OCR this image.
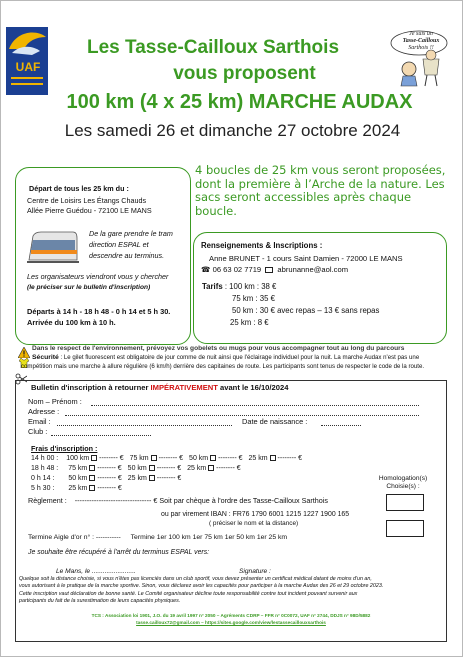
UAF
Je suis un
Tasse-Cailloux
Sarthois !!
Les Tasse-Cailloux Sarthois
vous proposent
100 km (4 x 25 km) MARCHE AUDAX
Les samedi 26 et dimanche 27 octobre 2024
Départ de tous les 25 km du :
Centre de Loisirs Les Étangs Chauds
Allée Pierre Guédou - 72100 LE MANS
De la gare prendre le tram
direction ESPAL et
descendre au terminus.
Les organisateurs viendront vous y chercher
(le préciser sur le bulletin d'inscription)
Départs à 14 h - 18 h 48 - 0 h 14 et 5 h 30.
Arrivée du 100 km à 10 h.
4 boucles de 25 km vous seront proposées, dont la première à l’Arche de la nature. Les sacs seront accessibles après chaque boucle.
Renseignements & Inscriptions :
Anne BRUNET - 1 cours Saint Damien - 72000 LE MANS
☎ 06 63 02 7719 abrunanne@aol.com
Tarifs : 100 km : 38 €
75 km : 35 €
50 km : 30 € avec repas – 13 € sans repas
25 km : 8 €
Dans le respect de l'environnement, prévoyez vos gobelets ou mugs pour vous accompagner tout au long du parcours
Sécurité : Le gilet fluorescent est obligatoire de jour comme de nuit ainsi que l'éclairage individuel pour la nuit. La marche Audax n'est pas une
compétition mais une marche à allure régulière (6 km/h) derrière des capitaines de route. Les participants sont tenus de respecter le code de la route.
Bulletin d'inscription à retourner IMPÉRATIVEMENT avant le 16/10/2024
Nom – Prénom :
Adresse :
Email :	Date de naissance :
Club :
Frais d'inscription :
14 h 00 : 100 km -------- € 75 km -------- € 50 km -------- € 25 km -------- €
18 h 48 : 75 km -------- € 50 km -------- € 25 km -------- €
0 h 14 : 50 km -------- € 25 km -------- €
5 h 30 : 25 km -------- €
Homologation(s)
Choisie(s) :
Règlement : -------------------------------- € Soit par chèque à l'ordre des Tasse-Cailloux Sarthois
ou par virement IBAN : FR76 1790 6001 1215 1227 1900 165
( préciser le nom et la distance)
Termine Aigle d'or n° : ----------- Termine 1er 100 km 1er 75 km 1er 50 km 1er 25 km
Je souhaite être récupéré à l'arrêt du terminus ESPAL vers:
Le Mans, le ........................	Signature :
Quelque soit la distance choisie, si vous n'êtes pas licenciés dans un club sportif, vous devez présenter un certificat médical datant de moins d'un an,
vous autorisant à le pratique de la marche sportive. Sinon, vous déclarez avoir les capacités pour participer à la marche Audax des 26 et 29 octobre 2023.
Cette inscription vaut déclaration de bonne santé. Le Comité organisateur décline toute responsabilité contre tout incident pouvant survenir aux
participants du fait de la surestimation de leurs capacités physiques.
TCS : Association loi 1901, J.O. du 19 avril 1997 n° 2050 – Agréments CDRP – FFR n° 0C0072, UAF n° 2744, DDJS n° 98D/5882
tasse.cailloux72@gmail.com – https://sites.google.com/view/lestassecaillouxsarthois
